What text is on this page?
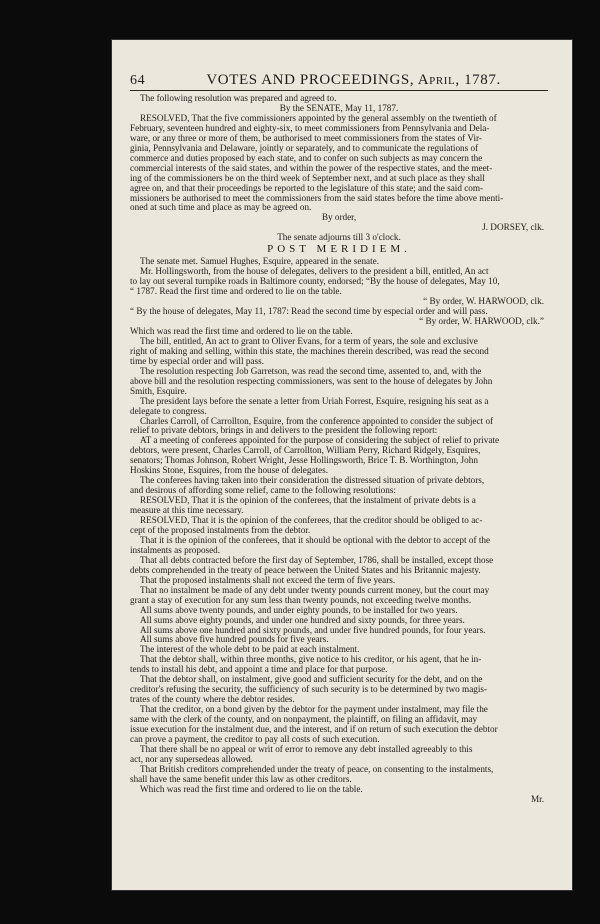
64	VOTES AND PROCEEDINGS, April, 1787.
The following resolution was prepared and agreed to.
By the SENATE, May 11, 1787.
RESOLVED, That the five commissioners appointed by the general assembly on the twentieth of
February, seventeen hundred and eighty-six, to meet commissioners from Pennsylvania and Dela-
ware, or any three or more of them, be authorised to meet commissioners from the states of Vir-
ginia, Pennsylvania and Delaware, jointly or separately, and to communicate the regulations of
commerce and duties proposed by each state, and to confer on such subjects as may concern the
commercial interests of the said states, and within the power of the respective states, and the meet-
ing of the commissioners be on the third week of September next, and at such place as they shall
agree on, and that their proceedings be reported to the legislature of this state; and the said com-
missioners be authorised to meet the commissioners from the said states before the time above menti-
oned at such time and place as may be agreed on.
By order,
J. DORSEY, clk.
The senate adjourns till 3 o'clock.
POST MERIDIEM.
The senate met. Samuel Hughes, Esquire, appeared in the senate.
Mr. Hollingsworth, from the house of delegates, delivers to the president a bill, entitled, An act
to lay out several turnpike roads in Baltimore county, endorsed; “By the house of delegates, May 10,
“ 1787. Read the first time and ordered to lie on the table.
“ By order, W. HARWOOD, clk.
“ By the house of delegates, May 11, 1787: Read the second time by especial order and will pass.
“ By order, W. HARWOOD, clk.”
Which was read the first time and ordered to lie on the table.
The bill, entitled, An act to grant to Oliver Evans, for a term of years, the sole and exclusive
right of making and selling, within this state, the machines therein described, was read the second
time by especial order and will pass.
The resolution respecting Job Garretson, was read the second time, assented to, and, with the
above bill and the resolution respecting commissioners, was sent to the house of delegates by John
Smith, Esquire.
The president lays before the senate a letter from Uriah Forrest, Esquire, resigning his seat as a
delegate to congress.
Charles Carroll, of Carrollton, Esquire, from the conference appointed to consider the subject of
relief to private debtors, brings in and delivers to the president the following report:
AT a meeting of conferees appointed for the purpose of considering the subject of relief to private
debtors, were present, Charles Carroll, of Carrollton, William Perry, Richard Ridgely, Esquires,
senators; Thomas Johnson, Robert Wright, Jesse Hollingsworth, Brice T. B. Worthington, John
Hoskins Stone, Esquires, from the house of delegates.
The conferees having taken into their consideration the distressed situation of private debtors,
and desirous of affording some relief, came to the following resolutions:
RESOLVED, That it is the opinion of the conferees, that the instalment of private debts is a
measure at this time necessary.
RESOLVED, That it is the opinion of the conferees, that the creditor should be obliged to ac-
cept of the proposed instalments from the debtor.
That it is the opinion of the conferees, that it should be optional with the debtor to accept of the
instalments as proposed.
That all debts contracted before the first day of September, 1786, shall be installed, except those
debts comprehended in the treaty of peace between the United States and his Britannic majesty.
That the proposed instalments shall not exceed the term of five years.
That no instalment be made of any debt under twenty pounds current money, but the court may
grant a stay of execution for any sum less than twenty pounds, not exceeding twelve months.
All sums above twenty pounds, and under eighty pounds, to be installed for two years.
All sums above eighty pounds, and under one hundred and sixty pounds, for three years.
All sums above one hundred and sixty pounds, and under five hundred pounds, for four years.
All sums above five hundred pounds for five years.
The interest of the whole debt to be paid at each instalment.
That the debtor shall, within three months, give notice to his creditor, or his agent, that he in-
tends to install his debt, and appoint a time and place for that purpose.
That the debtor shall, on instalment, give good and sufficient security for the debt, and on the
creditor's refusing the security, the sufficiency of such security is to be determined by two magis-
trates of the county where the debtor resides.
That the creditor, on a bond given by the debtor for the payment under instalment, may file the
same with the clerk of the county, and on nonpayment, the plaintiff, on filing an affidavit, may
issue execution for the instalment due, and the interest, and if on return of such execution the debtor
can prove a payment, the creditor to pay all costs of such execution.
That there shall be no appeal or writ of error to remove any debt installed agreeably to this
act, nor any supersedeas allowed.
That British creditors comprehended under the treaty of peace, on consenting to the instalments,
shall have the same benefit under this law as other creditors.
Which was read the first time and ordered to lie on the table.
Mr.
